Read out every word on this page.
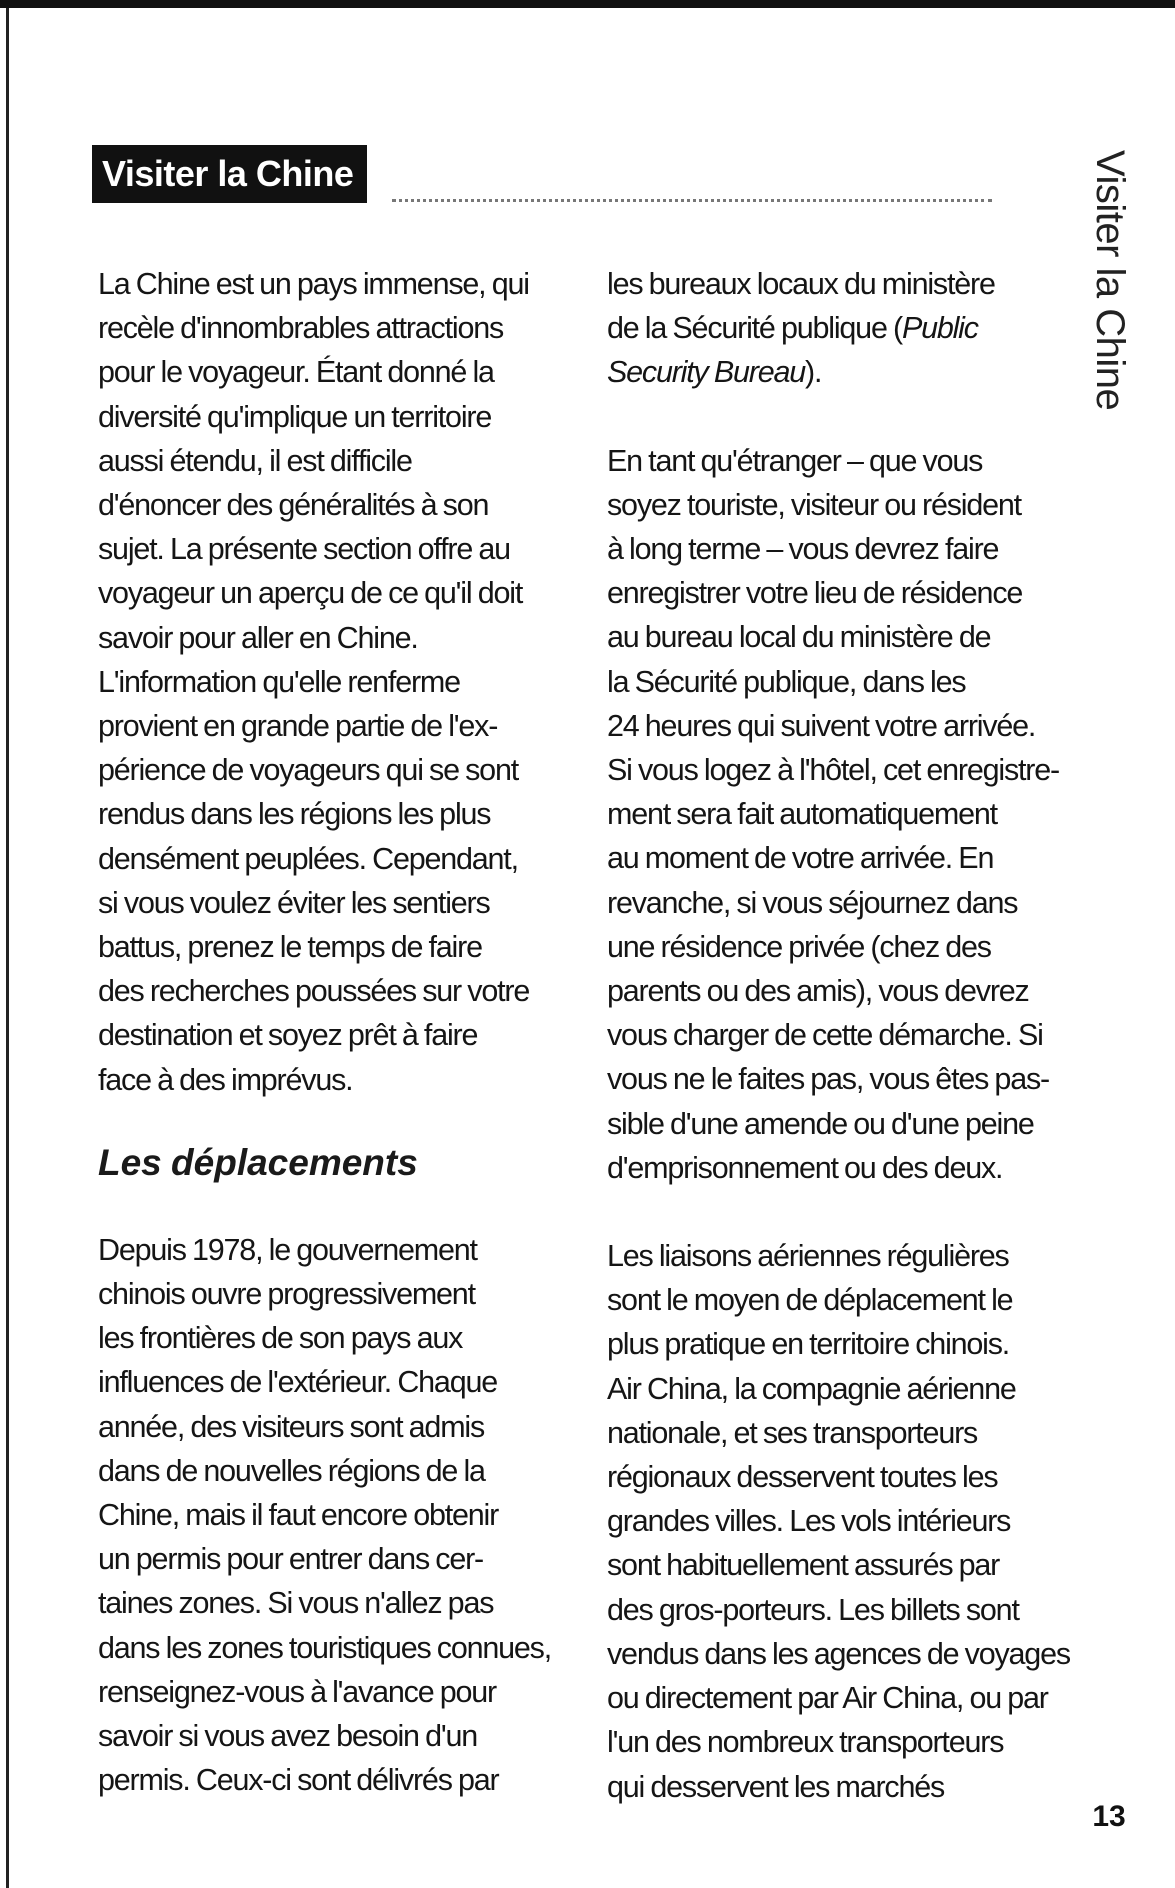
Visiter la Chine	Visiter la Chine

La Chine est un pays immense, qui
recèle d'innombrables attractions
pour le voyageur. Étant donné la
diversité qu'implique un territoire
aussi étendu, il est difficile
d'énoncer des généralités à son
sujet. La présente section offre au
voyageur un aperçu de ce qu'il doit
savoir pour aller en Chine.
L'information qu'elle renferme
provient en grande partie de l'ex-
périence de voyageurs qui se sont
rendus dans les régions les plus
densément peuplées. Cependant,
si vous voulez éviter les sentiers
battus, prenez le temps de faire
des recherches poussées sur votre
destination et soyez prêt à faire
face à des imprévus.

Les déplacements

Depuis 1978, le gouvernement
chinois ouvre progressivement
les frontières de son pays aux
influences de l'extérieur. Chaque
année, des visiteurs sont admis
dans de nouvelles régions de la
Chine, mais il faut encore obtenir
un permis pour entrer dans cer-
taines zones. Si vous n'allez pas
dans les zones touristiques connues,
renseignez-vous à l'avance pour
savoir si vous avez besoin d'un
permis. Ceux-ci sont délivrés par

les bureaux locaux du ministère
de la Sécurité publique (Public
Security Bureau).

En tant qu'étranger – que vous
soyez touriste, visiteur ou résident
à long terme – vous devrez faire
enregistrer votre lieu de résidence
au bureau local du ministère de
la Sécurité publique, dans les
24 heures qui suivent votre arrivée.
Si vous logez à l'hôtel, cet enregistre-
ment sera fait automatiquement
au moment de votre arrivée. En
revanche, si vous séjournez dans
une résidence privée (chez des
parents ou des amis), vous devrez
vous charger de cette démarche. Si
vous ne le faites pas, vous êtes pas-
sible d'une amende ou d'une peine
d'emprisonnement ou des deux.

Les liaisons aériennes régulières
sont le moyen de déplacement le
plus pratique en territoire chinois.
Air China, la compagnie aérienne
nationale, et ses transporteurs
régionaux desservent toutes les
grandes villes. Les vols intérieurs
sont habituellement assurés par
des gros-porteurs. Les billets sont
vendus dans les agences de voyages
ou directement par Air China, ou par
l'un des nombreux transporteurs
qui desservent les marchés

13
